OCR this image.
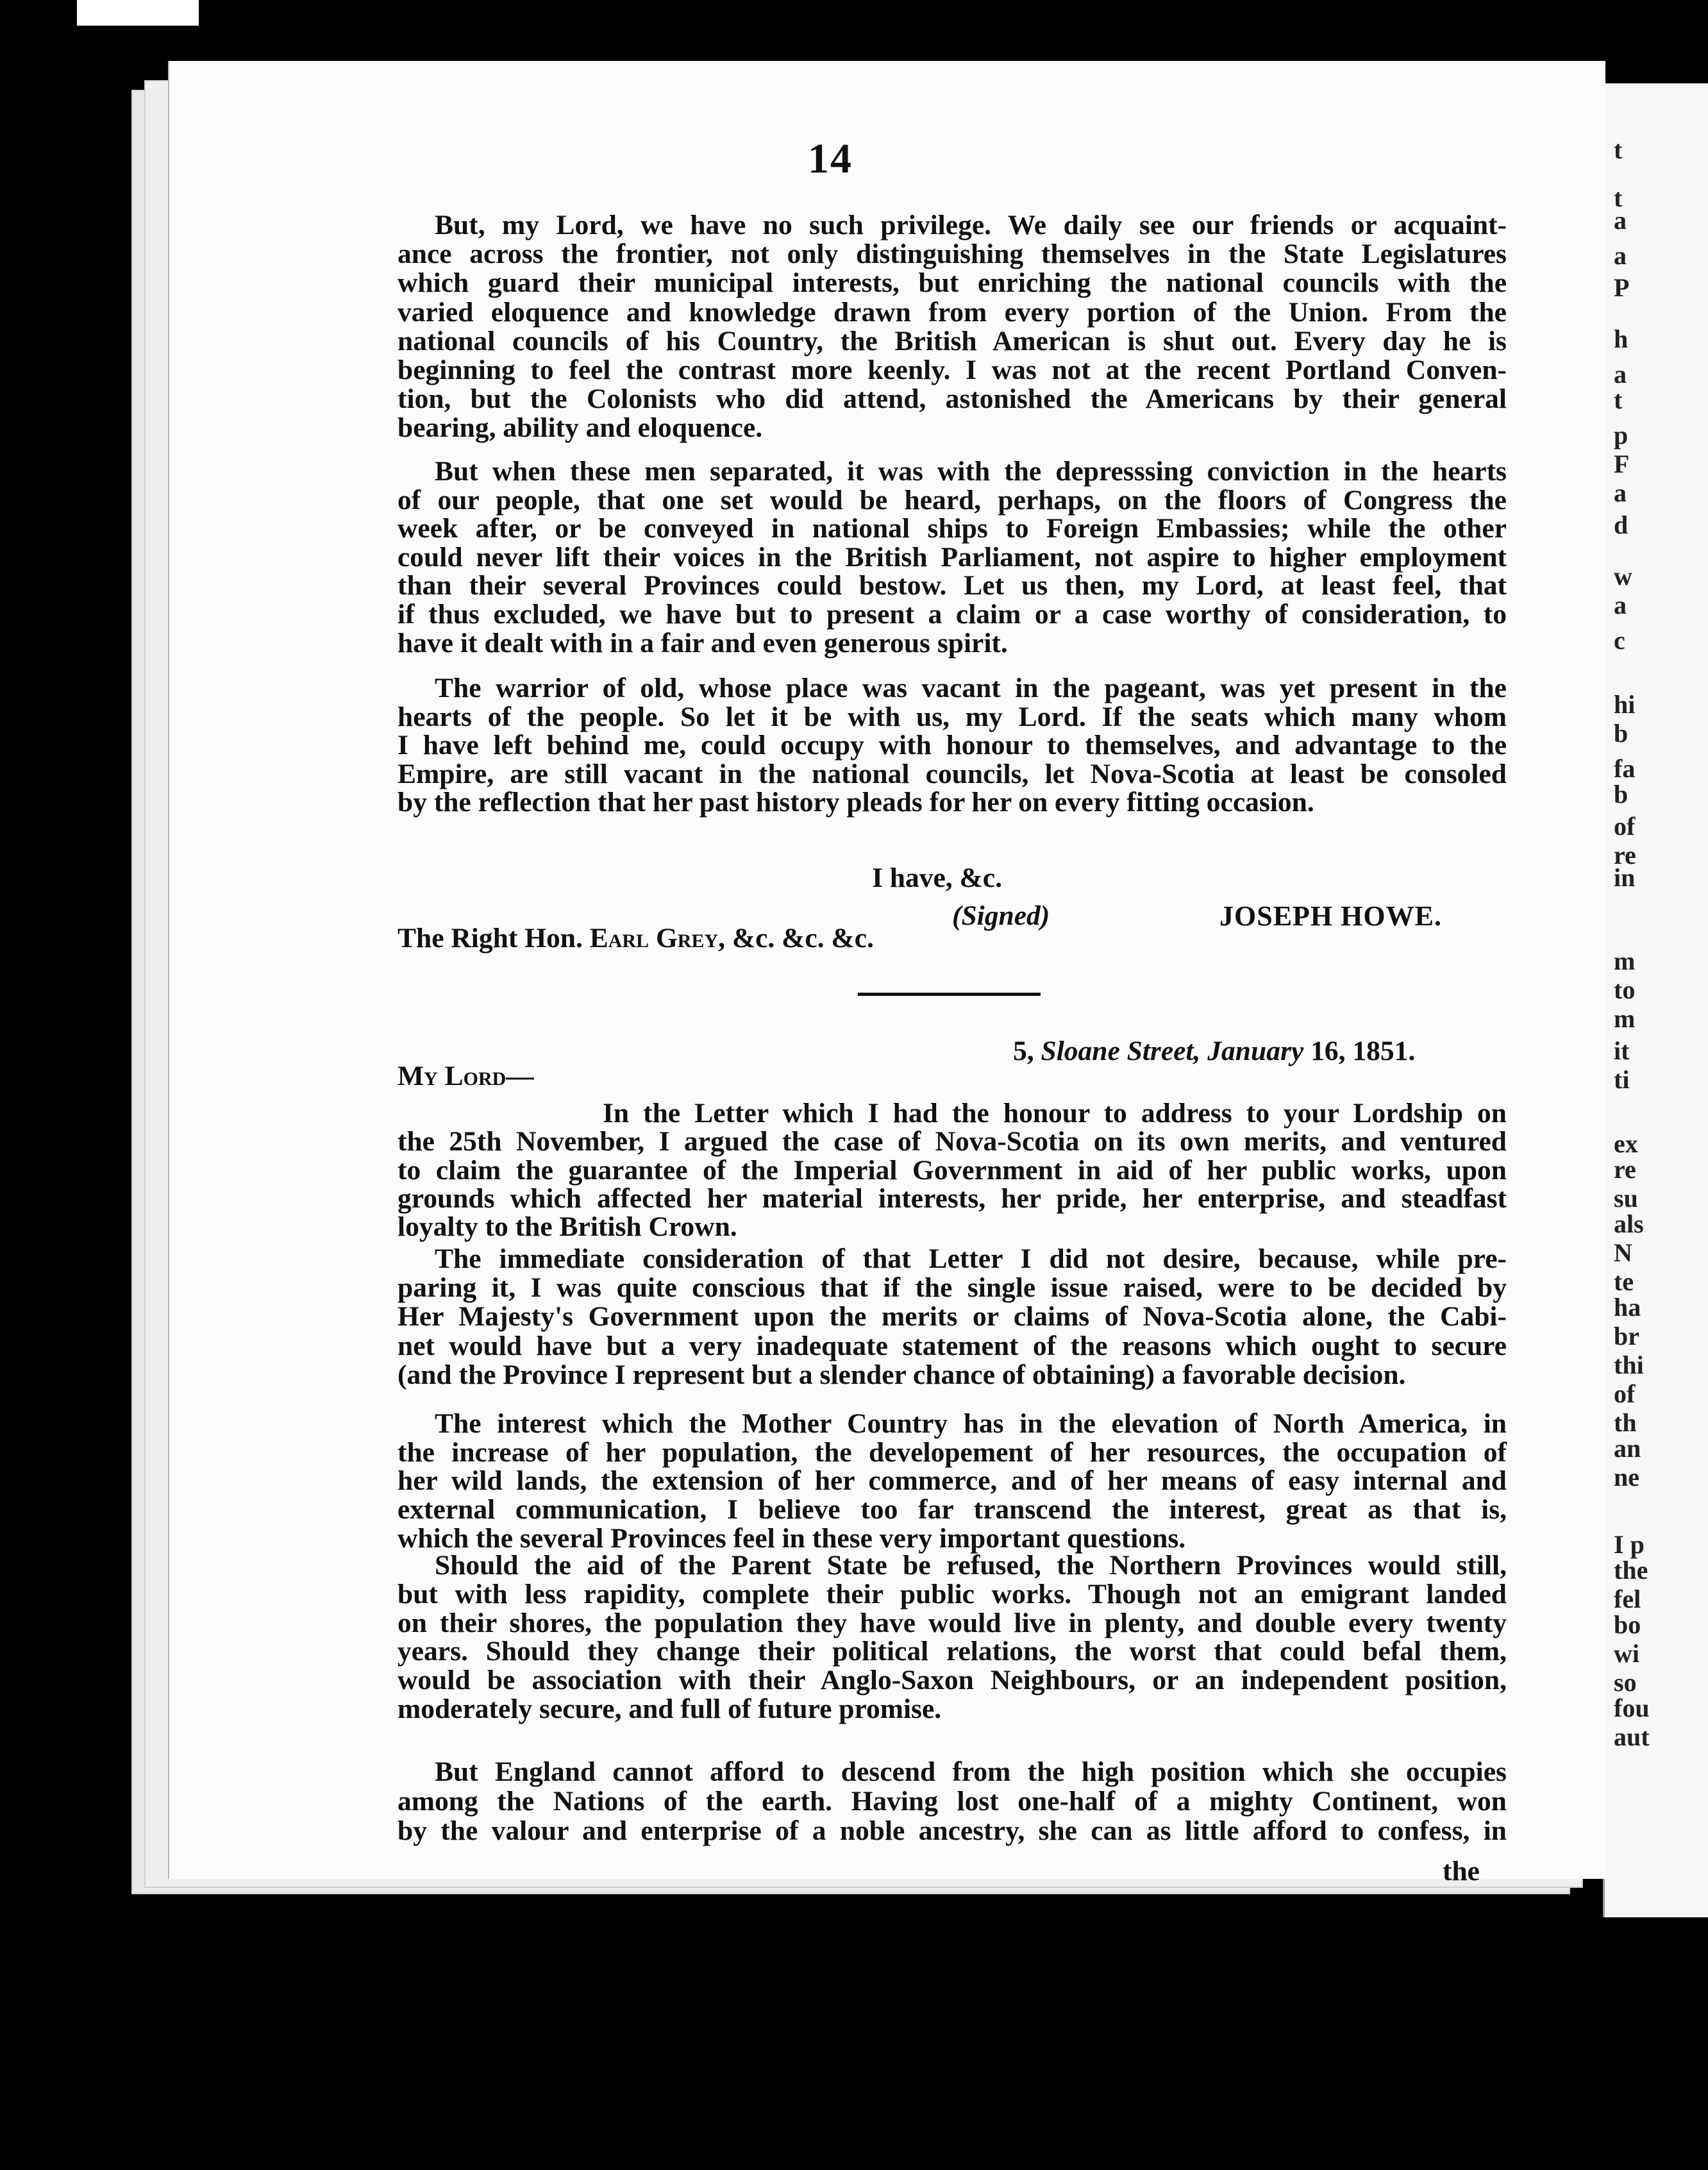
t
t
a
a
P
h
a
t
p
F
a
d
w
a
c
hi
b
fa
b
of
re
in
m
to
m
it
ti
ex
re
su
als
N
te
ha
br
thi
of
th
an
ne
I p
the
fel
bo
wi
so
fou
aut
14
But, my Lord, we have no such privilege. We daily see our friends or acquaint-
ance across the frontier, not only distinguishing themselves in the State Legislatures
which guard their municipal interests, but enriching the national councils with the
varied eloquence and knowledge drawn from every portion of the Union. From the
national councils of his Country, the British American is shut out. Every day he is
beginning to feel the contrast more keenly. I was not at the recent Portland Conven-
tion, but the Colonists who did attend, astonished the Americans by their general
bearing, ability and eloquence.
But when these men separated, it was with the depresssing conviction in the hearts
of our people, that one set would be heard, perhaps, on the floors of Congress the
week after, or be conveyed in national ships to Foreign Embassies; while the other
could never lift their voices in the British Parliament, not aspire to higher employment
than their several Provinces could bestow. Let us then, my Lord, at least feel, that
if thus excluded, we have but to present a claim or a case worthy of consideration, to
have it dealt with in a fair and even generous spirit.
The warrior of old, whose place was vacant in the pageant, was yet present in the
hearts of the people. So let it be with us, my Lord. If the seats which many whom
I have left behind me, could occupy with honour to themselves, and advantage to the
Empire, are still vacant in the national councils, let Nova-Scotia at least be consoled
by the reflection that her past history pleads for her on every fitting occasion.
I have, &c.
(Signed)	JOSEPH HOWE.
The Right Hon. Earl Grey, &c. &c. &c.
5, Sloane Street, January 16, 1851.
My Lord—
In the Letter which I had the honour to address to your Lordship on
the 25th November, I argued the case of Nova-Scotia on its own merits, and ventured
to claim the guarantee of the Imperial Government in aid of her public works, upon
grounds which affected her material interests, her pride, her enterprise, and steadfast
loyalty to the British Crown.
The immediate consideration of that Letter I did not desire, because, while pre-
paring it, I was quite conscious that if the single issue raised, were to be decided by
Her Majesty's Government upon the merits or claims of Nova-Scotia alone, the Cabi-
net would have but a very inadequate statement of the reasons which ought to secure
(and the Province I represent but a slender chance of obtaining) a favorable decision.
The interest which the Mother Country has in the elevation of North America, in
the increase of her population, the developement of her resources, the occupation of
her wild lands, the extension of her commerce, and of her means of easy internal and
external communication, I believe too far transcend the interest, great as that is,
which the several Provinces feel in these very important questions.
Should the aid of the Parent State be refused, the Northern Provinces would still,
but with less rapidity, complete their public works. Though not an emigrant landed
on their shores, the population they have would live in plenty, and double every twenty
years. Should they change their political relations, the worst that could befal them,
would be association with their Anglo-Saxon Neighbours, or an independent position,
moderately secure, and full of future promise.
But England cannot afford to descend from the high position which she occupies
among the Nations of the earth. Having lost one-half of a mighty Continent, won
by the valour and enterprise of a noble ancestry, she can as little afford to confess, in
the
